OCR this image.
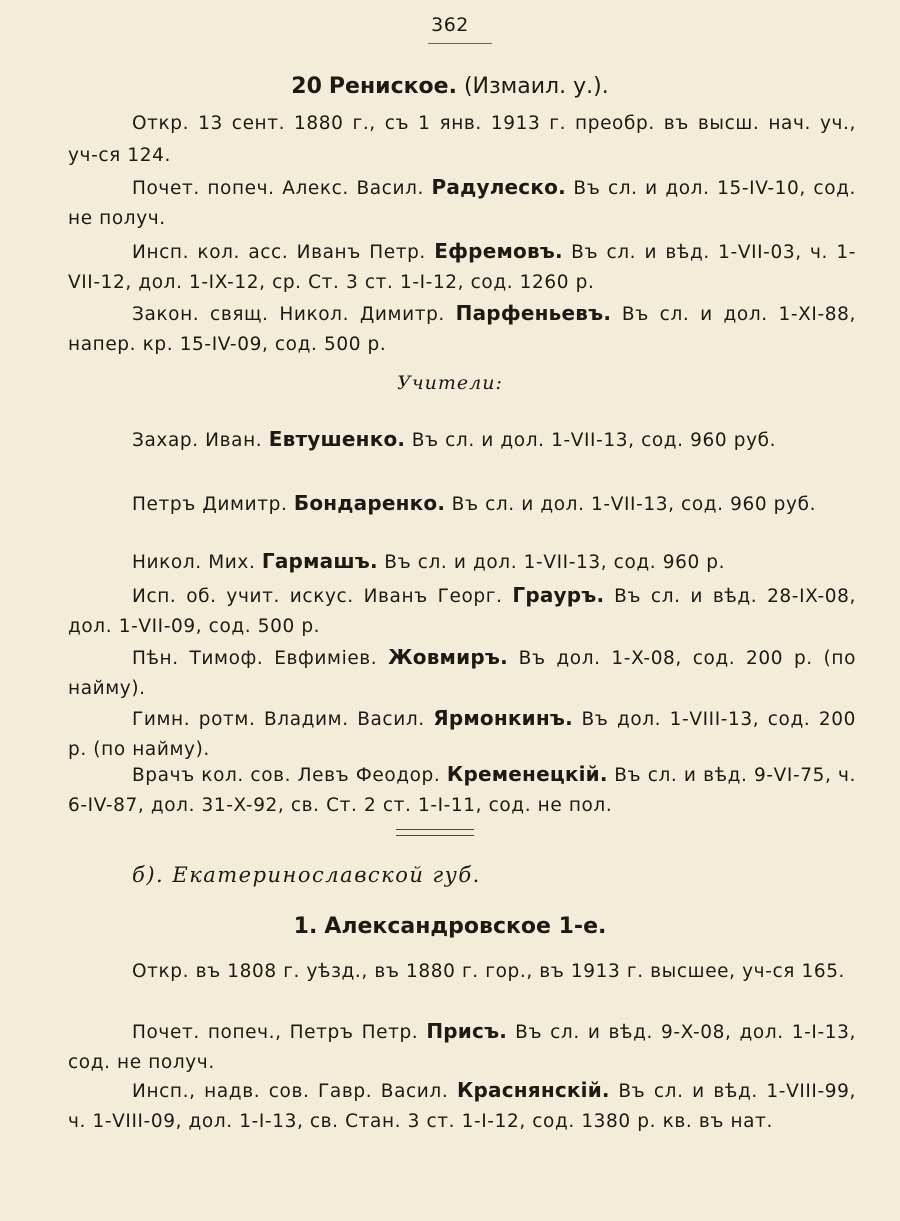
362
20 Ренискoe. (Измаил. у.).

Откр. 13 сент. 1880 г., съ 1 янв. 1913 г. преобр. въ высш. нач. уч., уч-ся 124.

Почет. попеч. Алекс. Васил. Радулеско. Въ сл. и дол. 15-IV-10, сод. не получ.

Инсп. кол. асс. Иванъ Петр. Ефремовъ. Въ сл. и вѣд. 1-VII-03, ч. 1-VII-12, дол. 1-IX-12, cp. Ст. 3 ст. 1-I-12, сод. 1260 р.

Закон. свящ. Никол. Димитр. Парфеньевъ. Въ сл. и дол. 1-XI-88, напер. кр. 15-IV-09, сод. 500 р.

Учители:

Захар. Иван. Евтушенко. Въ сл. и дол. 1-VII-13, сод. 960 руб.

Петръ Димитр. Бондаренко. Въ сл. и дол. 1-VII-13, сод. 960 руб.

Никол. Мих. Гармашъ. Въ сл. и дол. 1-VII-13, сод. 960 р.

Исп. об. учит. искус. Иванъ Георг. Грауръ. Въ сл. и вѣд. 28-IX-08, дол. 1-VII-09, сод. 500 р.

Пѣн. Тимоф. Евфиміев. Жовмиръ. Въ дол. 1-X-08, сод. 200 р. (по найму).

Гимн. ротм. Владим. Васил. Ярмонкинъ. Въ дол. 1-VIII-13, сод. 200 р. (по найму).

Врачъ кол. сов. Левъ Феодор. Кременецкій. Въ сл. и вѣд. 9-VI-75, ч. 6-IV-87, дол. 31-X-92, св. Ст. 2 ст. 1-I-11, сод. не пол.

б). Екатеринославской губ.
1. Александровское 1-е.

Откр. въ 1808 г. уѣзд., въ 1880 г. гор., въ 1913 г. высшее, уч-ся 165.

Почет. попеч., Петръ Петр. Присъ. Въ сл. и вѣд. 9-X-08, дол. 1-I-13, сод. не получ.

Инсп., надв. сов. Гавр. Васил. Краснянскій. Въ сл. и вѣд. 1-VIII-99, ч. 1-VIII-09, дол. 1-I-13, св. Стан. 3 ст. 1-I-12, сод. 1380 р. кв. въ нат.
